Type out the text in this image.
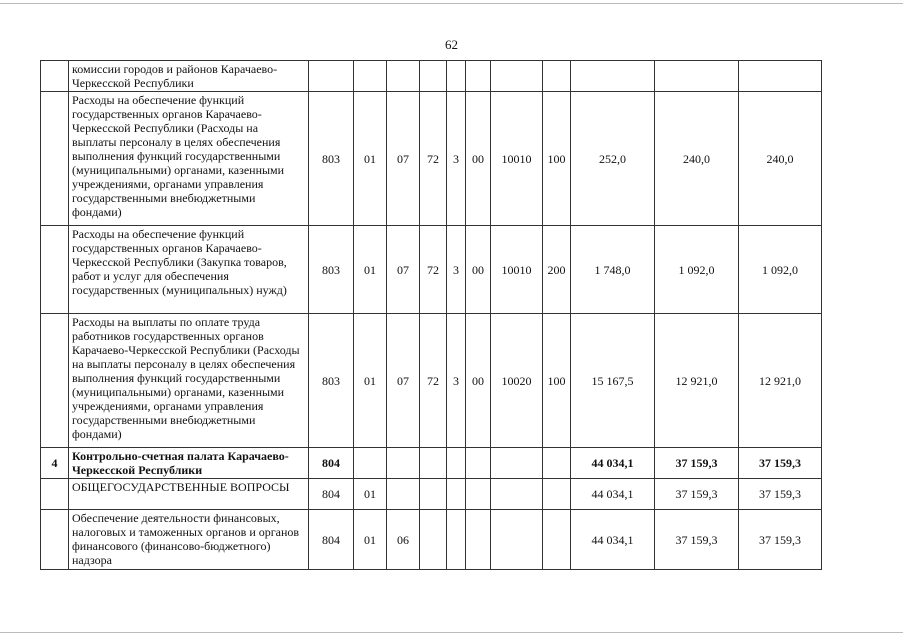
62
	комиссии городов и районов Карачаево-Черкесской Республики											
	Расходы на обеспечение функций государственных органов Карачаево-Черкесской Республики (Расходы на выплаты персоналу в целях обеспечения выполнения функций государственными (муниципальными) органами, казенными учреждениями, органами управления государственными внебюджетными фондами)	803	01	07	72	3	00	10010	100	252,0	240,0	240,0
	Расходы на обеспечение функций государственных органов Карачаево-Черкесской Республики (Закупка товаров, работ и услуг для обеспечения государственных (муниципальных) нужд)	803	01	07	72	3	00	10010	200	1 748,0	1 092,0	1 092,0
	Расходы на выплаты по оплате труда работников государственных органов Карачаево-Черкесской Республики (Расходы на выплаты персоналу в целях обеспечения выполнения функций государственными (муниципальными) органами, казенными учреждениями, органами управления государственными внебюджетными фондами)	803	01	07	72	3	00	10020	100	15 167,5	12 921,0	12 921,0
4	Контрольно-счетная палата Карачаево-Черкесской Республики	804								44 034,1	37 159,3	37 159,3
	ОБЩЕГОСУДАРСТВЕННЫЕ ВОПРОСЫ	804	01							44 034,1	37 159,3	37 159,3
	Обеспечение деятельности финансовых, налоговых и таможенных органов и органов финансового (финансово-бюджетного) надзора	804	01	06						44 034,1	37 159,3	37 159,3
